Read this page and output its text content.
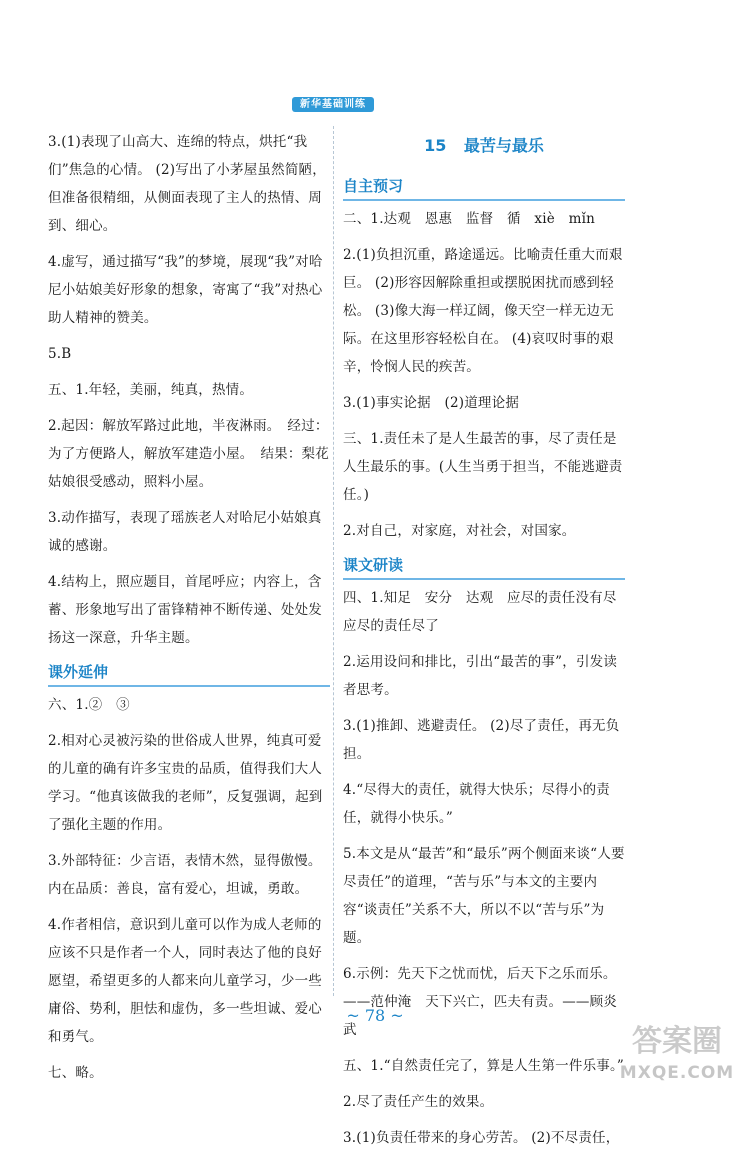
新华基础训练

3.(1)表现了山高大、连绵的特点，烘托“我们”焦急的心情。 (2)写出了小茅屋虽然简陋，但准备很精细，从侧面表现了主人的热情、周到、细心。

4.虚写，通过描写“我”的梦境，展现“我”对哈尼小姑娘美好形象的想象，寄寓了“我”对热心助人精神的赞美。

5.B

五、1.年轻，美丽，纯真，热情。

2.起因：解放军路过此地，半夜淋雨。　经过：为了方便路人，解放军建造小屋。　结果：梨花姑娘很受感动，照料小屋。

3.动作描写，表现了瑶族老人对哈尼小姑娘真诚的感谢。

4.结构上，照应题目，首尾呼应；内容上，含蓄、形象地写出了雷锋精神不断传递、处处发扬这一深意，升华主题。

课外延伸

六、1.②　③

2.相对心灵被污染的世俗成人世界，纯真可爱的儿童的确有许多宝贵的品质，值得我们大人学习。“他真该做我的老师”，反复强调，起到了强化主题的作用。

3.外部特征：少言语，表情木然，显得傲慢。　内在品质：善良，富有爱心，坦诚，勇敢。

4.作者相信，意识到儿童可以作为成人老师的应该不只是作者一个人，同时表达了他的良好愿望，希望更多的人都来向儿童学习，少一些庸俗、势利，胆怯和虚伪，多一些坦诚、爱心和勇气。

七、略。

15 最苦与最乐
自主预习

二、1.达观　恩惠　监督　循　xiè　mǐn

2.(1)负担沉重，路途遥远。比喻责任重大而艰巨。 (2)形容因解除重担或摆脱困扰而感到轻松。 (3)像大海一样辽阔，像天空一样无边无际。在这里形容轻松自在。 (4)哀叹时事的艰辛，怜悯人民的疾苦。

3.(1)事实论据　(2)道理论据

三、1.责任未了是人生最苦的事，尽了责任是人生最乐的事。(人生当勇于担当，不能逃避责任。)

2.对自己，对家庭，对社会，对国家。

课文研读

四、1.知足　安分　达观　应尽的责任没有尽　应尽的责任尽了

2.运用设问和排比，引出“最苦的事”，引发读者思考。

3.(1)推卸、逃避责任。 (2)尽了责任，再无负担。

4.“尽得大的责任，就得大快乐；尽得小的责任，就得小快乐。”

5.本文是从“最苦”和“最乐”两个侧面来谈“人要尽责任”的道理，“苦与乐”与本文的主要内容“谈责任”关系不大，所以不以“苦与乐”为题。

6.示例：先天下之忧而忧，后天下之乐而乐。——范仲淹　天下兴亡，匹夫有责。——顾炎武

五、1.“自然责任完了，算是人生第一件乐事。”

2.尽了责任产生的效果。

3.(1)负责任带来的身心劳苦。 (2)不尽责任，

~ 78 ~
答案圈
MXQE.COM
